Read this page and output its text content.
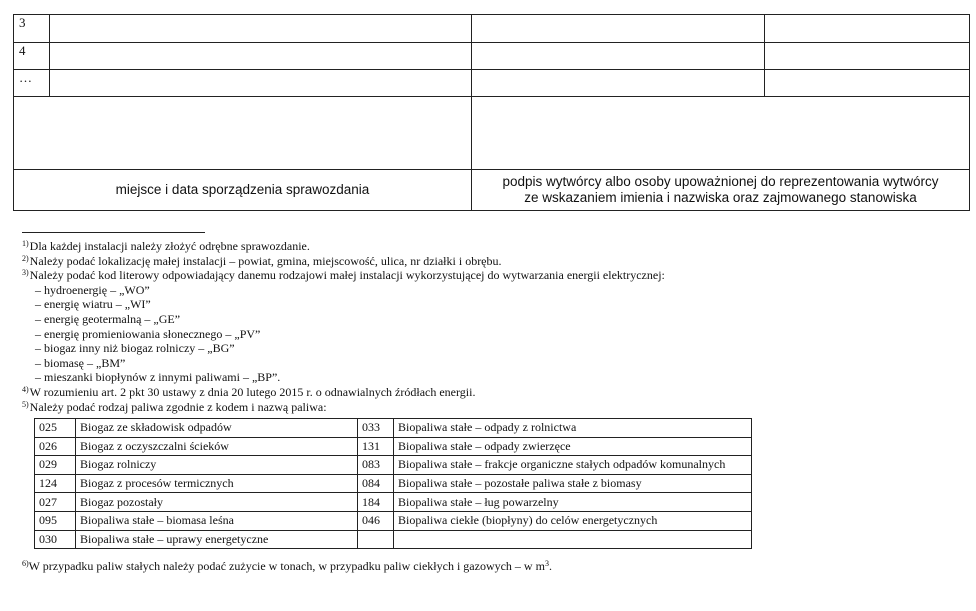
3			
4			
…			

miejsce i data sporządzenia sprawozdania		podpis wytwórcy albo osoby upoważnionej do reprezentowania wytwórcy
ze wskazaniem imienia i nazwiska oraz zajmowanego stanowiska	
$^{1)}$Dla każdej instalacji należy złożyć odrębne sprawozdanie.
$^{2)}$Należy podać lokalizację małej instalacji – powiat, gmina, miejscowość, ulica, nr działki i obrębu.
$^{3)}$Należy podać kod literowy odpowiadający danemu rodzajowi małej instalacji wykorzystującej do wytwarzania energii elektrycznej:
– hydroenergię – „WO”
– energię wiatru – „WI”
– energię geotermalną – „GE”
– energię promieniowania słonecznego – „PV”
– biogaz inny niż biogaz rolniczy – „BG”
– biomasę – „BM”
– mieszanki biopłynów z innymi paliwami – „BP”.
$^{4)}$W rozumieniu art. 2 pkt 30 ustawy z dnia 20 lutego 2015 r. o odnawialnych źródłach energii.
$^{5)}$Należy podać rodzaj paliwa zgodnie z kodem i nazwą paliwa:
025	Biogaz ze składowisk odpadów	033	Biopaliwa stałe – odpady z rolnictwa
026	Biogaz z oczyszczalni ścieków	131	Biopaliwa stałe – odpady zwierzęce
029	Biogaz rolniczy	083	Biopaliwa stałe – frakcje organiczne stałych odpadów komunalnych
124	Biogaz z procesów termicznych	084	Biopaliwa stałe – pozostałe paliwa stałe z biomasy
027	Biogaz pozostały	184	Biopaliwa stałe – ług powarzelny
095	Biopaliwa stałe – biomasa leśna	046	Biopaliwa ciekłe (biopłyny) do celów energetycznych
030	Biopaliwa stałe – uprawy energetyczne		
$^{6)}$W przypadku paliw stałych należy podać zużycie w tonach, w przypadku paliw ciekłych i gazowych – w $m^3$.
